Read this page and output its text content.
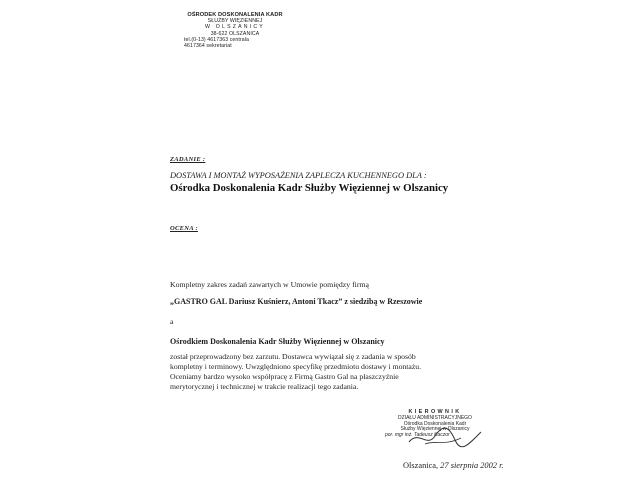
OŚRODEK DOSKONALENIA KADR
SŁUŻBY WIĘZIENNEJ
W OLSZANICY
38-622 OLSZANICA
tel.(0-13) 4617363 centrala
4617364 sekretariat
ZADANIE :
DOSTAWA I MONTAŻ WYPOSAŻENIA ZAPLECZA KUCHENNEGO DLA :
Ośrodka Doskonalenia Kadr Służby Więziennej w Olszanicy
OCENA :
Kompletny zakres zadań zawartych w Umowie pomiędzy firmą
„GASTRO GAL Dariusz Kuśnierz, Antoni Tkacz” z siedzibą w Rzeszowie
a
Ośrodkiem Doskonalenia Kadr Służby Więziennej w Olszanicy
został przeprowadzony bez zarzutu. Dostawca wywiązał się z zadania w sposób
kompletny i terminowy. Uwzględniono specyfikę przedmiotu dostawy i montażu.
Oceniamy bardzo wysoko współpracę z Firmą Gastro Gal na płaszczyźnie
merytorycznej i technicznej w trakcie realizacji tego zadania.
KIEROWNIK
DZIAŁU ADMINISTRACYJNEGO
Ośrodka Doskonalenia Kadr
Służby Więziennej w Olszanicy
por. mgr inż. Tadeusz Kaczor
Olszanica, 27 sierpnia 2002 r.
